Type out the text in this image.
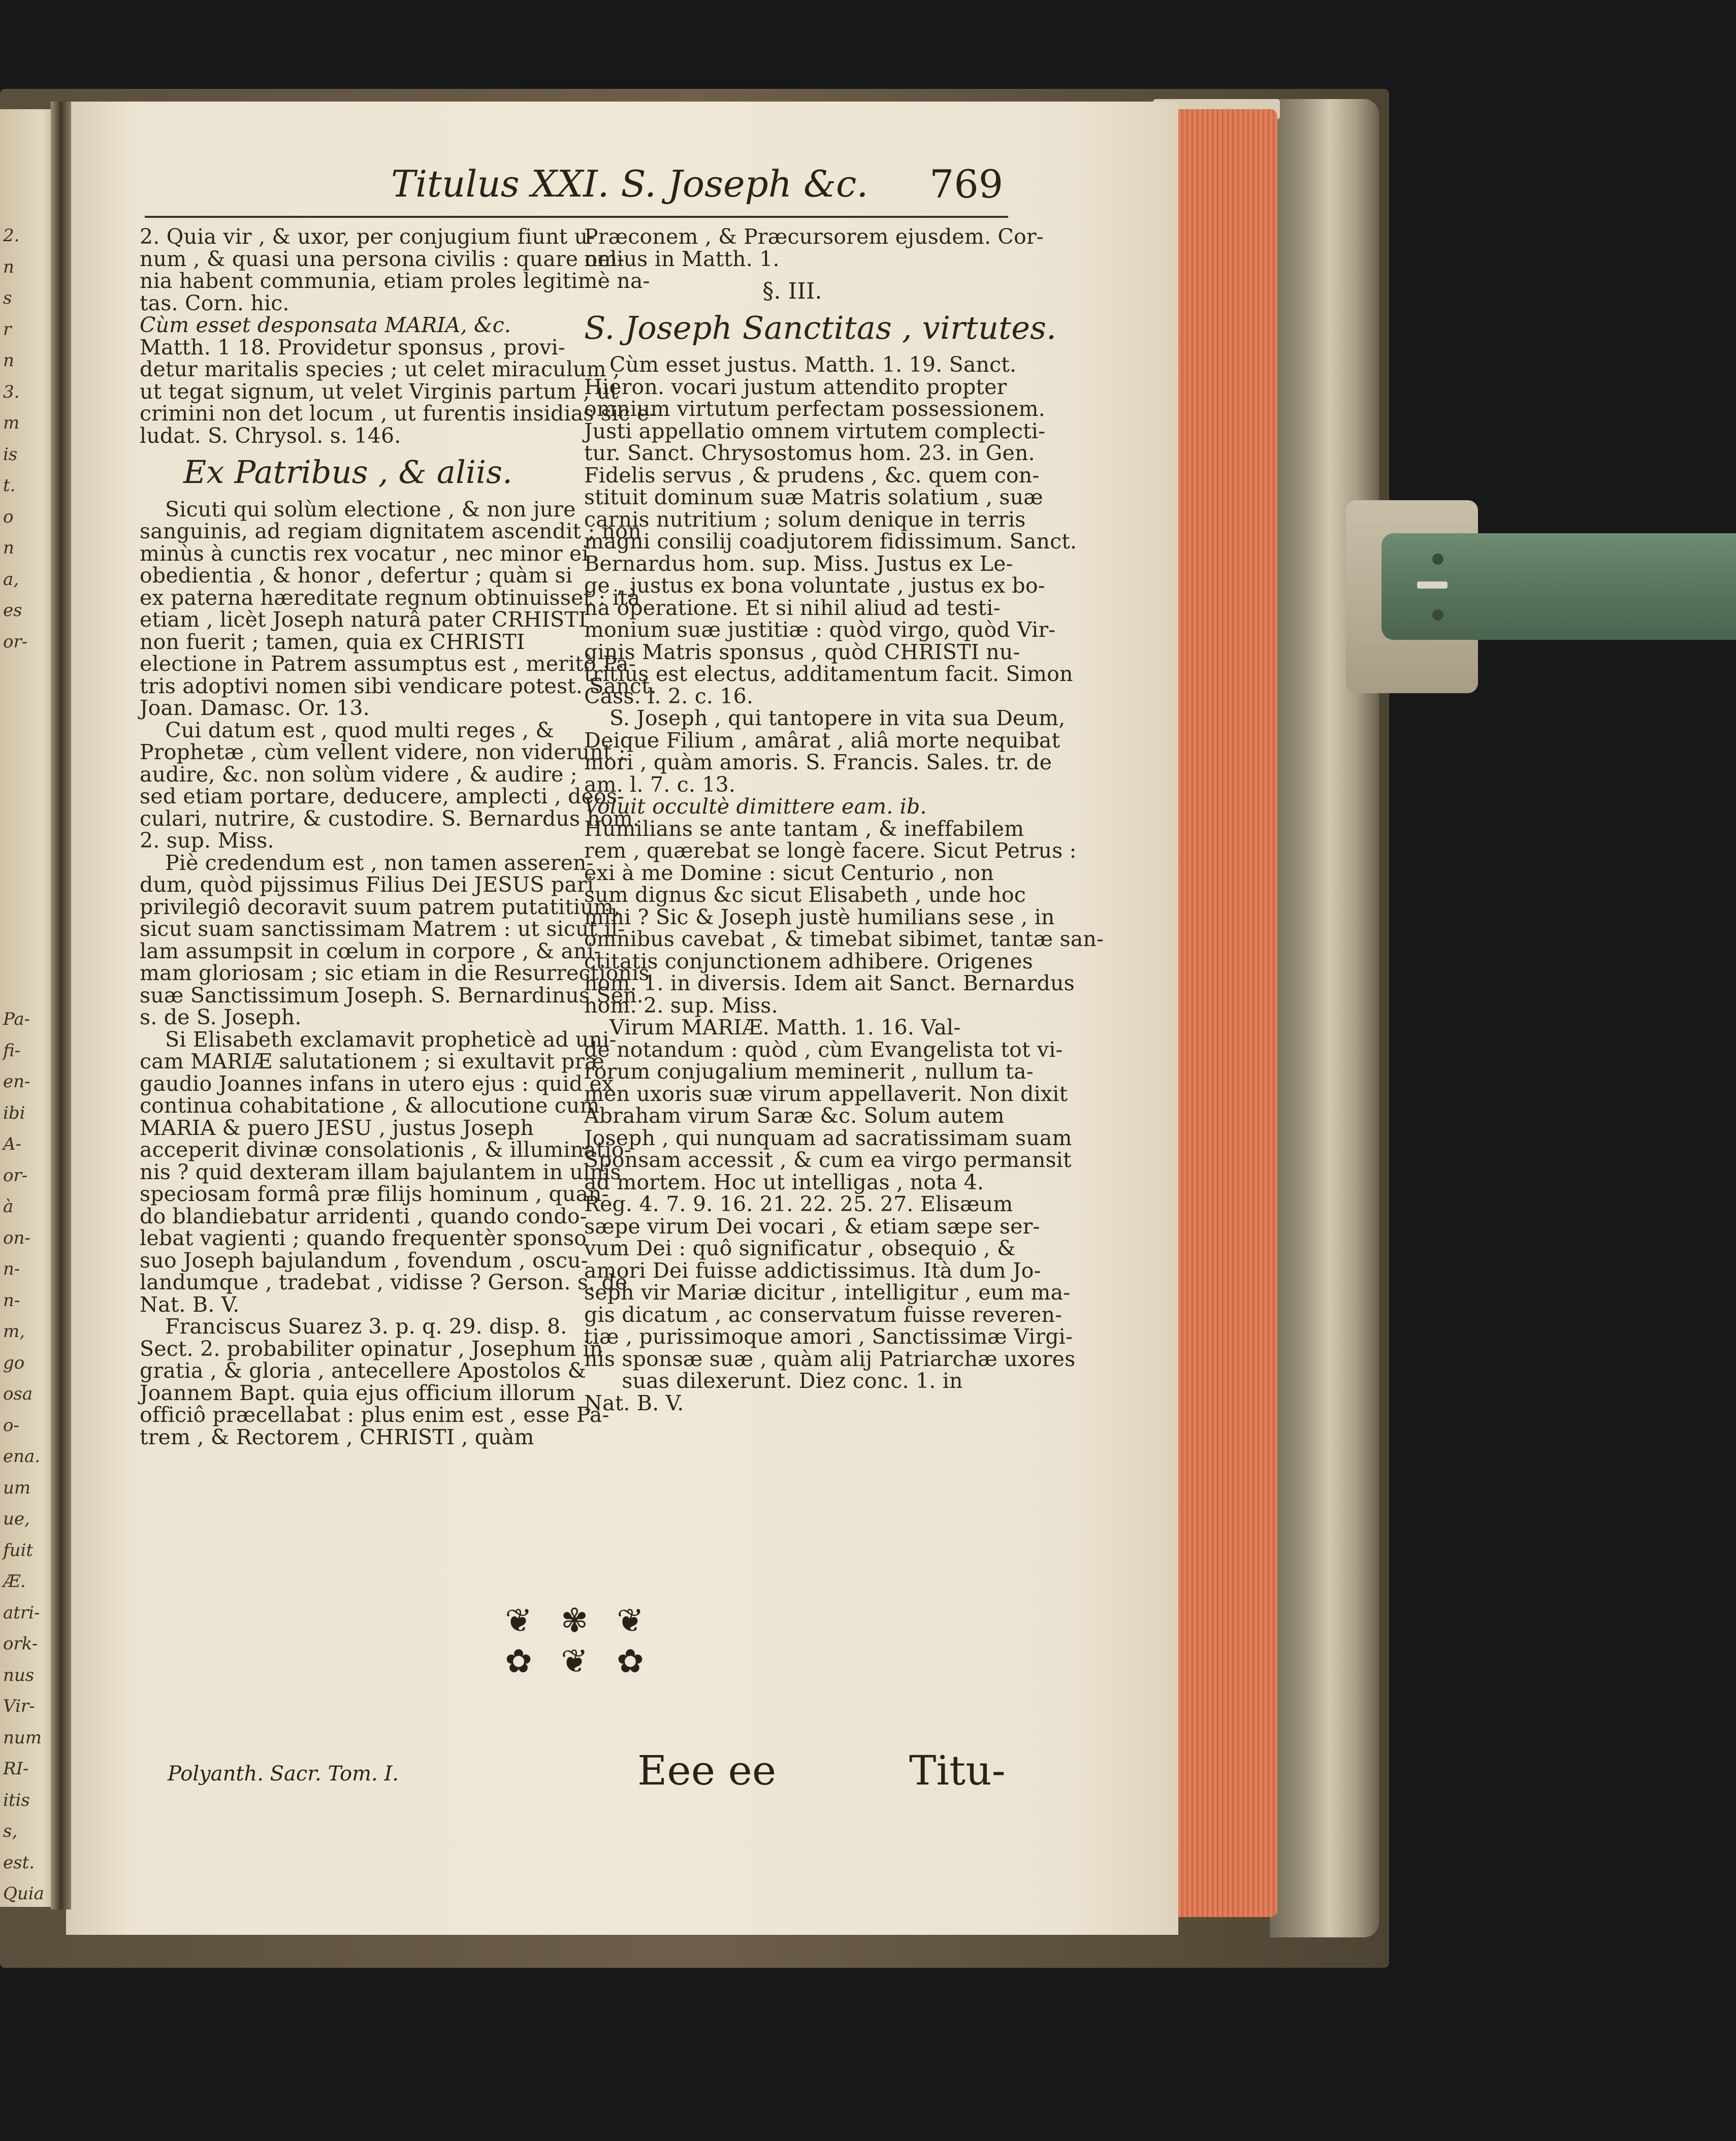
2.
n
s
r
n
3.
m
is
t.
o
n
a,
es
or-
Pa-
fi-
en-
ibi
A-
or-
à
on-
n-
n-
m,
go
osa
o-
ena.
um
ue,
fuit
Æ.
atri-
ork-
nus
Vir-
num
RI-
itis
s,
est.
Quia
Titulus XXI. S. Joseph &c. 769
2. Quia vir , & uxor, per conjugium fiunt u-
num , & quasi una persona civilis : quare om-
nia habent communia, etiam proles legitimè na-
tas. Corn. hic.
Cùm esset desponsata MARIA, &c.
Matth. 1 18. Providetur sponsus , provi-
detur maritalis species ; ut celet miraculum ,
ut tegat signum, ut velet Virginis partum , ut
crimini non det locum , ut furentis insidias sic e-
ludat. S. Chrysol. s. 146.
Ex Patribus , & aliis.
Sicuti qui solùm electione , & non jure
sanguinis, ad regiam dignitatem ascendit ; non
minùs à cunctis rex vocatur , nec minor ei
obedientia , & honor , defertur ; quàm si
ex paterna hæreditate regnum obtinuisset : ità
etiam , licèt Joseph naturâ pater CRHISTI
non fuerit ; tamen, quia ex CHRISTI
electione in Patrem assumptus est , meritò Pa-
tris adoptivi nomen sibi vendicare potest. Sanct.
Joan. Damasc. Or. 13.
Cui datum est , quod multi reges , &
Prophetæ , cùm vellent videre, non viderunt ;
audire, &c. non solùm videre , & audire ;
sed etiam portare, deducere, amplecti , deos-
culari, nutrire, & custodire. S. Bernardus hom.
2. sup. Miss.
Piè credendum est , non tamen asseren-
dum, quòd pijssimus Filius Dei JESUS pari
privilegiô decoravit suum patrem putatitium,
sicut suam sanctissimam Matrem : ut sicut il-
lam assumpsit in cœlum in corpore , & ani-
mam gloriosam ; sic etiam in die Resurrectionis
suæ Sanctissimum Joseph. S. Bernardinus Sen.
s. de S. Joseph.
Si Elisabeth exclamavit propheticè ad uni-
cam MARIÆ salutationem ; si exultavit præ
gaudio Joannes infans in utero ejus : quid ex
continua cohabitatione , & allocutione cum
MARIA & puero JESU , justus Joseph
acceperit divinæ consolationis , & illuminatio-
nis ? quid dexteram illam bajulantem in ulnis
speciosam formâ præ filijs hominum , quan-
do blandiebatur arridenti , quando condo-
lebat vagienti ; quando frequentèr sponso
suo Joseph bajulandum , fovendum , oscu-
landumque , tradebat , vidisse ? Gerson. s. de
Nat. B. V.
Franciscus Suarez 3. p. q. 29. disp. 8.
Sect. 2. probabiliter opinatur , Josephum in
gratia , & gloria , antecellere Apostolos &
Joannem Bapt. quia ejus officium illorum
officiô præcellabat : plus enim est , esse Pa-
trem , & Rectorem , CHRISTI , quàm
Præconem , & Præcursorem ejusdem. Cor-
nelius in Matth. 1.
§. III.
S. Joseph Sanctitas , virtutes.
Cùm esset justus. Matth. 1. 19. Sanct.
Hieron. vocari justum attendito propter
omnium virtutum perfectam possessionem.
Justi appellatio omnem virtutem complecti-
tur. Sanct. Chrysostomus hom. 23. in Gen.
Fidelis servus , & prudens , &c. quem con-
stituit dominum suæ Matris solatium , suæ
carnis nutritium ; solum denique in terris
magni consilij coadjutorem fidissimum. Sanct.
Bernardus hom. sup. Miss. Justus ex Le-
ge , justus ex bona voluntate , justus ex bo-
na operatione. Et si nihil aliud ad testi-
monium suæ justitiæ : quòd virgo, quòd Vir-
ginis Matris sponsus , quòd CHRISTI nu-
tritius est electus, additamentum facit. Simon
Cass. l. 2. c. 16.
S. Joseph , qui tantopere in vita sua Deum,
Deique Filium , amârat , aliâ morte nequibat
mori , quàm amoris. S. Francis. Sales. tr. de
am. l. 7. c. 13.
Voluit occultè dimittere eam. ib.
Humilians se ante tantam , & ineffabilem
rem , quærebat se longè facere. Sicut Petrus :
exi à me Domine : sicut Centurio , non
sum dignus &c sicut Elisabeth , unde hoc
mihi ? Sic & Joseph justè humilians sese , in
omnibus cavebat , & timebat sibimet, tantæ san-
ctitatis conjunctionem adhibere. Origenes
hom. 1. in diversis. Idem ait Sanct. Bernardus
hom. 2. sup. Miss.
Virum MARIÆ. Matth. 1. 16. Val-
de notandum : quòd , cùm Evangelista tot vi-
rorum conjugalium meminerit , nullum ta-
men uxoris suæ virum appellaverit. Non dixit
Abraham virum Saræ &c. Solum autem
Joseph , qui nunquam ad sacratissimam suam
Sponsam accessit , & cum ea virgo permansit
ad mortem. Hoc ut intelligas , nota 4.
Reg. 4. 7. 9. 16. 21. 22. 25. 27. Elisæum
sæpe virum Dei vocari , & etiam sæpe ser-
vum Dei : quô significatur , obsequio , &
amori Dei fuisse addictissimus. Ità dum Jo-
seph vir Mariæ dicitur , intelligitur , eum ma-
gis dicatum , ac conservatum fuisse reveren-
tiæ , purissimoque amori , Sanctissimæ Virgi-
nis sponsæ suæ , quàm alij Patriarchæ uxores
suas dilexerunt. Diez conc. 1. in
Nat. B. V.
❦ ✾ ❦
✿ ❦ ✿
Polyanth. Sacr. Tom. I.	Eee ee	Titu-
